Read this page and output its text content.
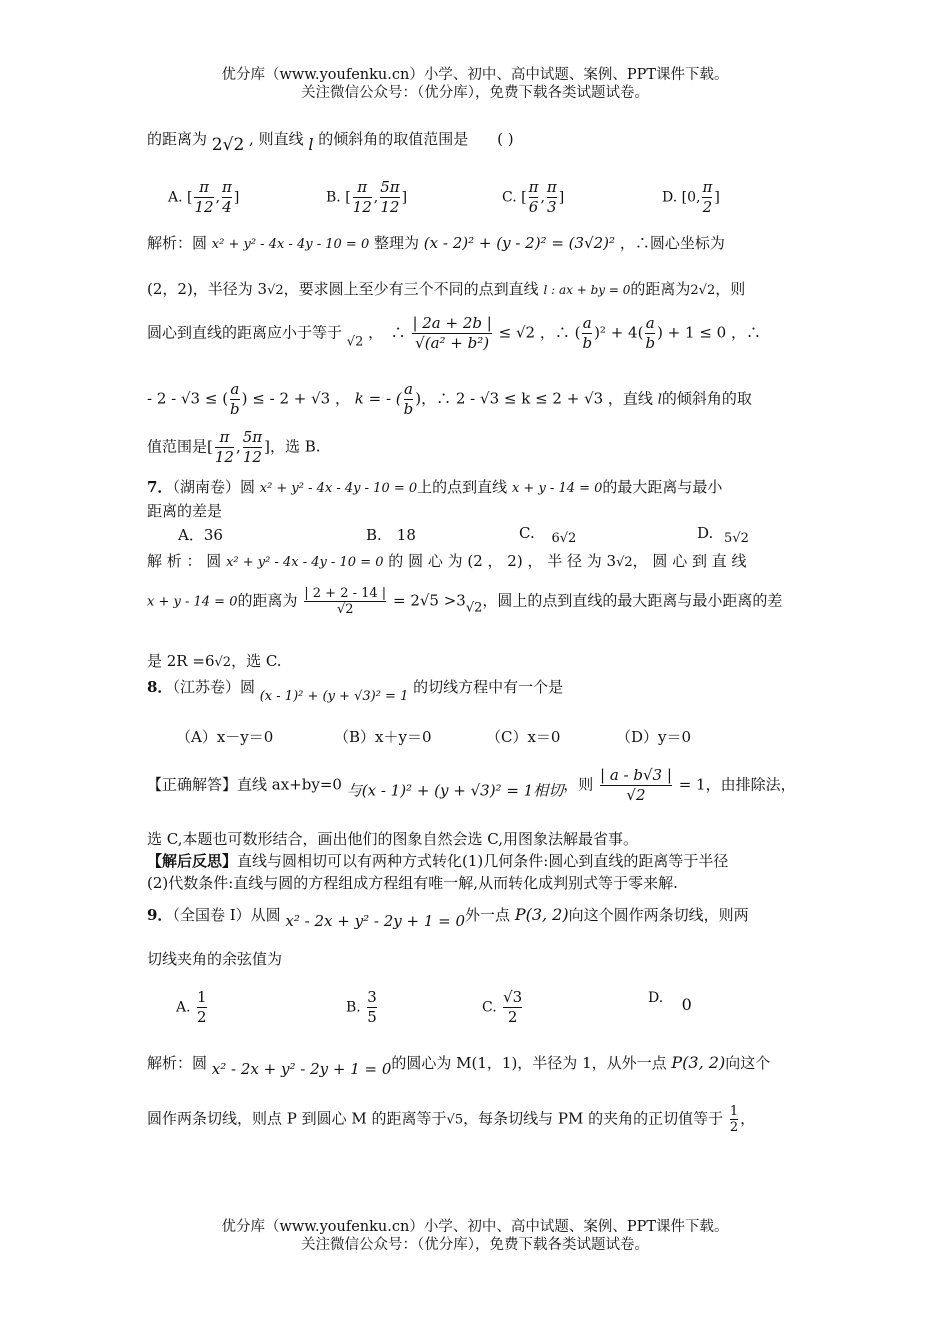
优分库（www.youfenku.cn）小学、初中、高中试题、案例、PPT课件下载。
关注微信公众号：（优分库），免费下载各类试题试卷。
的距离为 2√2 , 则直线 l 的倾斜角的取值范围是 ( )
A. [ $\frac{\pi}{12}$ , $\frac{\pi}{4}$ ]	B. [ $\frac{\pi}{12}$ , $\frac{5\pi}{12}$ ]	C. [ $\frac{\pi}{6}$ , $\frac{\pi}{3}$ ]	D. [0, $\frac{\pi}{2}$ ]
解析：圆 x² + y² - 4x - 4y - 10 = 0 整理为 (x - 2)² + (y - 2)² = (3√2)² ，∴圆心坐标为
(2，2)，半径为 3√2，要求圆上至少有三个不同的点到直线 l : ax + by = 0的距离为2√2，则
圆心到直线的距离应小于等于 √2 ，　∴ $\frac{| 2a + 2b |}{\text{√(a² + b²)}} \le √2$ ，∴ ( $\frac{a}{b} )^2 + 4( \frac{a}{b}$ ) + 1 ≤ 0 ，∴
- 2 - √3 ≤ ( $\frac{a}{b}$ ) ≤ - 2 + √3 ， k = - ( $\frac{a}{b}$ )，∴ 2 - √3 ≤ k ≤ 2 + √3 ，直线 l的倾斜角的取
值范围是[ $\frac{\pi}{12}$ , $\frac{5\pi}{12}$ ]，选 B.
7．（湖南卷）圆 x² + y² - 4x - 4y - 10 = 0上的点到直线 x + y - 14 = 0的最大距离与最小
距离的差是
A．36	B.　18	C. 6√2	D. 5√2
解 析 ： 圆 x² + y² - 4x - 4y - 10 = 0 的 圆 心 为 (2 ， 2) ， 半 径 为 3√2， 圆 心 到 直 线
x + y - 14 = 0的距离为 $\frac{| 2 + 2 - 14 |}{√2} = 2√5 >3√2$，圆上的点到直线的最大距离与最小距离的差
是 2R =6√2，选 C.
8．（江苏卷）圆 (x - 1)² + (y + √3)² = 1 的切线方程中有一个是
（A）x－y＝0	（B）x＋y＝0	（C）x＝0	（D）y＝0
【正确解答】直线 ax+by=0 与(x - 1)² + (y + √3)² = 1相切，则 $\frac{| a - b√3 |}{√2} = 1$，由排除法，
选 C,本题也可数形结合，画出他们的图象自然会选 C,用图象法解最省事。
【解后反思】直线与圆相切可以有两种方式转化(1)几何条件:圆心到直线的距离等于半径
(2)代数条件:直线与圆的方程组成方程组有唯一解,从而转化成判别式等于零来解.
9．（全国卷 I）从圆 x² - 2x + y² - 2y + 1 = 0外一点 P(3, 2)向这个圆作两条切线，则两
切线夹角的余弦值为
A. $\frac{1}{2}$	B. $\frac{3}{5}$	C. $\frac{√3}{2}$	D. 0
解析：圆 x² - 2x + y² - 2y + 1 = 0的圆心为 M(1，1)，半径为 1，从外一点 P(3, 2)向这个
圆作两条切线，则点 P 到圆心 M 的距离等于√5，每条切线与 PM 的夹角的正切值等于 $\frac{1}{2}$ ，
优分库（www.youfenku.cn）小学、初中、高中试题、案例、PPT课件下载。
关注微信公众号：（优分库），免费下载各类试题试卷。
